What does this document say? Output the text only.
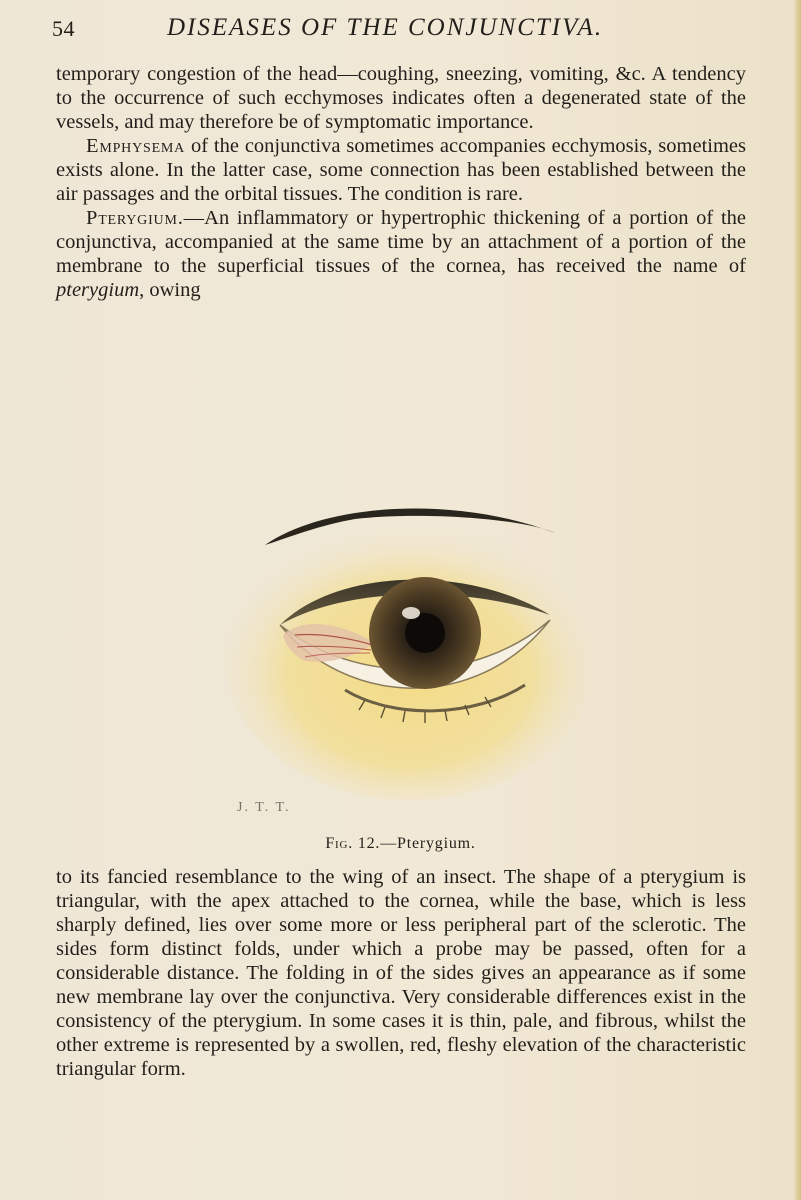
54	DISEASES OF THE CONJUNCTIVA.

temporary congestion of the head—coughing, sneezing, vomiting, &c. A tendency to the occurrence of such ecchymoses indicates often a degenerated state of the vessels, and may therefore be of symptomatic importance.

Emphysema of the conjunctiva sometimes accompanies ecchymosis, sometimes exists alone. In the latter case, some connection has been established between the air passages and the orbital tissues. The condition is rare.

Pterygium.—An inflammatory or hypertrophic thickening of a portion of the conjunctiva, accompanied at the same time by an attachment of a portion of the membrane to the superficial tissues of the cornea, has received the name of pterygium, owing

J. T. T.
Fig. 12.—Pterygium.

to its fancied resemblance to the wing of an insect. The shape of a pterygium is triangular, with the apex attached to the cornea, while the base, which is less sharply defined, lies over some more or less peripheral part of the sclerotic. The sides form distinct folds, under which a probe may be passed, often for a considerable distance. The folding in of the sides gives an appearance as if some new membrane lay over the conjunctiva. Very considerable differences exist in the consistency of the pterygium. In some cases it is thin, pale, and fibrous, whilst the other extreme is represented by a swollen, red, fleshy elevation of the characteristic triangular form.
